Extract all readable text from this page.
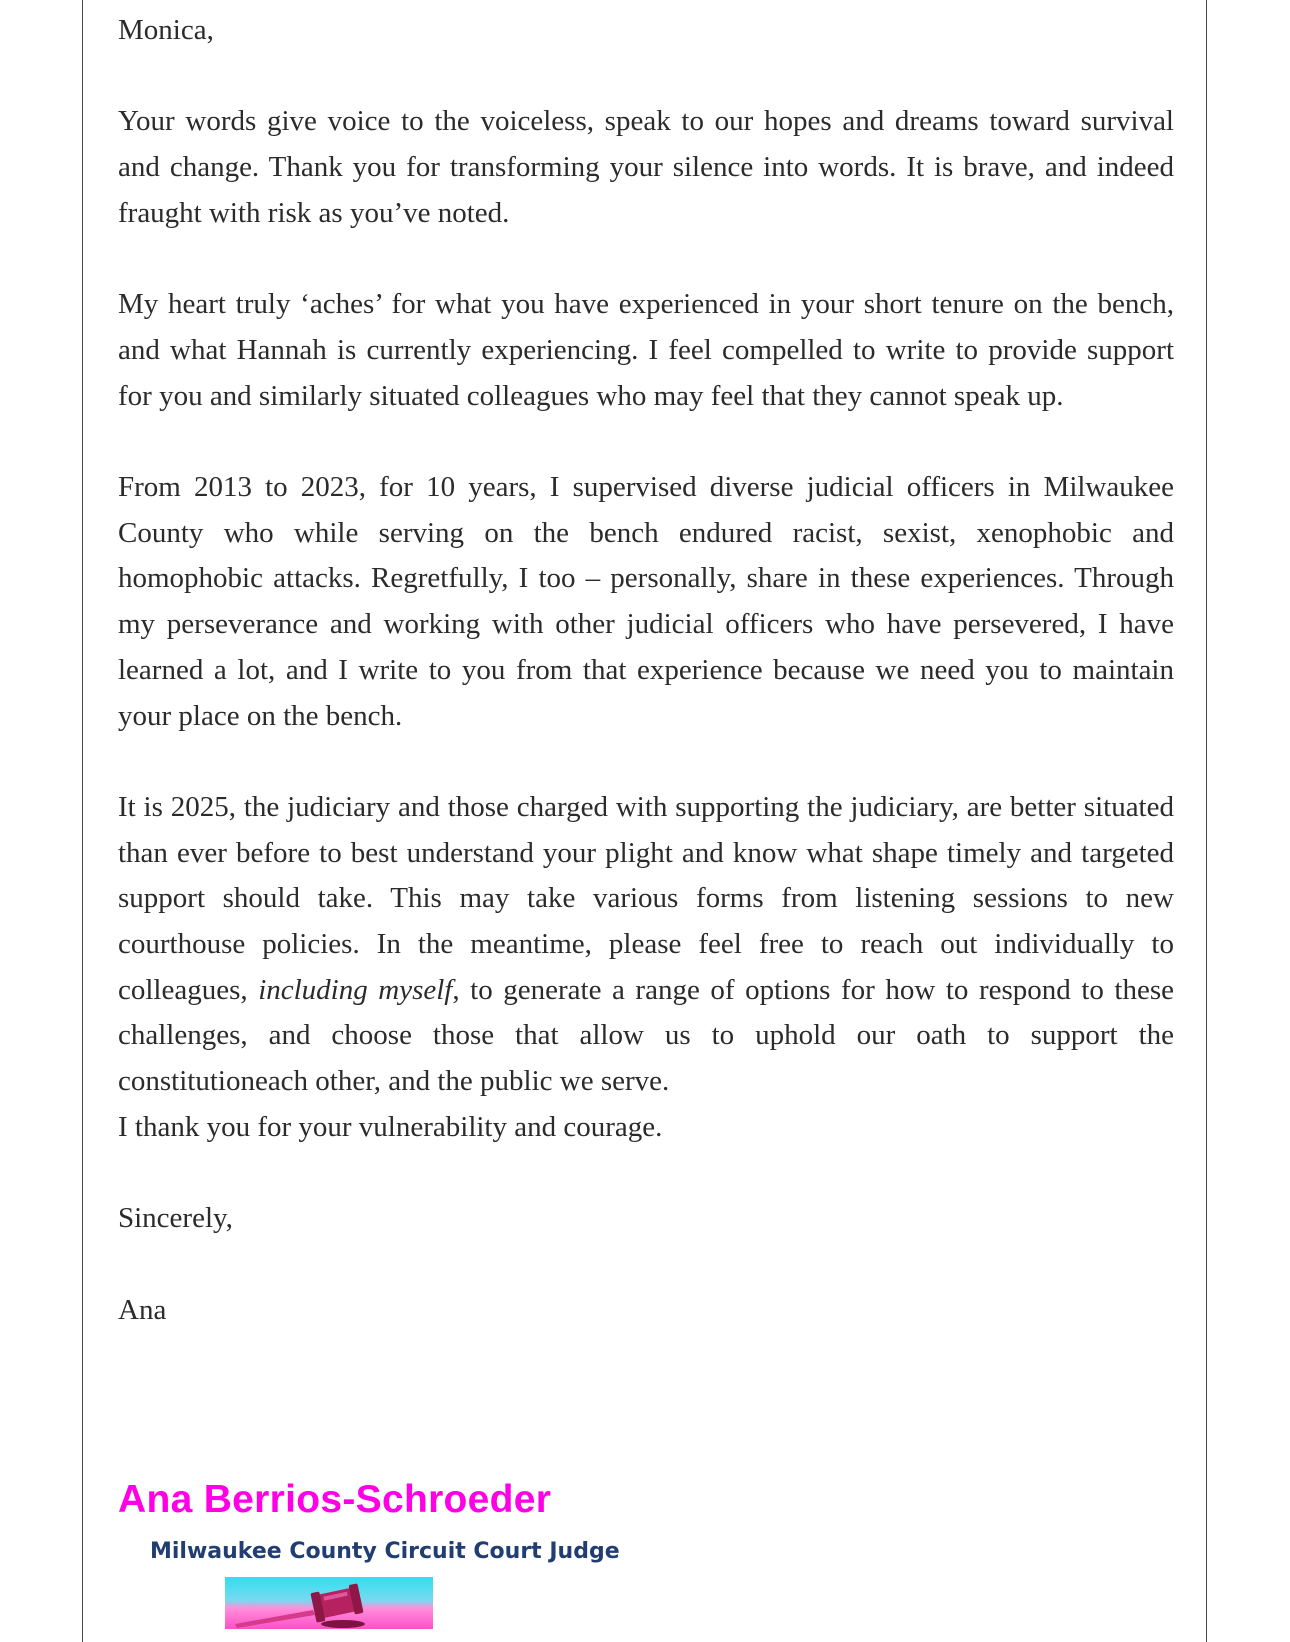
Monica,

Your words give voice to the voiceless, speak to our hopes and dreams toward survival and change. Thank you for transforming your silence into words. It is brave, and indeed fraught with risk as you’ve noted.

My heart truly ‘aches’ for what you have experienced in your short tenure on the bench, and what Hannah is currently experiencing. I feel compelled to write to provide support for you and similarly situated colleagues who may feel that they cannot speak up.

From 2013 to 2023, for 10 years, I supervised diverse judicial officers in Milwaukee County who while serving on the bench endured racist, sexist, xenophobic and homophobic attacks. Regretfully, I too – personally, share in these experiences. Through my perseverance and working with other judicial officers who have persevered, I have learned a lot, and I write to you from that experience because we need you to maintain your place on the bench.

It is 2025, the judiciary and those charged with supporting the judiciary, are better situated than ever before to best understand your plight and know what shape timely and targeted support should take. This may take various forms from listening sessions to new courthouse policies. In the meantime, please feel free to reach out individually to colleagues, including myself, to generate a range of options for how to respond to these challenges, and choose those that allow us to uphold our oath to support the constitutioneach other, and the public we serve.

I thank you for your vulnerability and courage.

Sincerely,

Ana

Ana Berrios-Schroeder
Milwaukee County Circuit Court Judge
